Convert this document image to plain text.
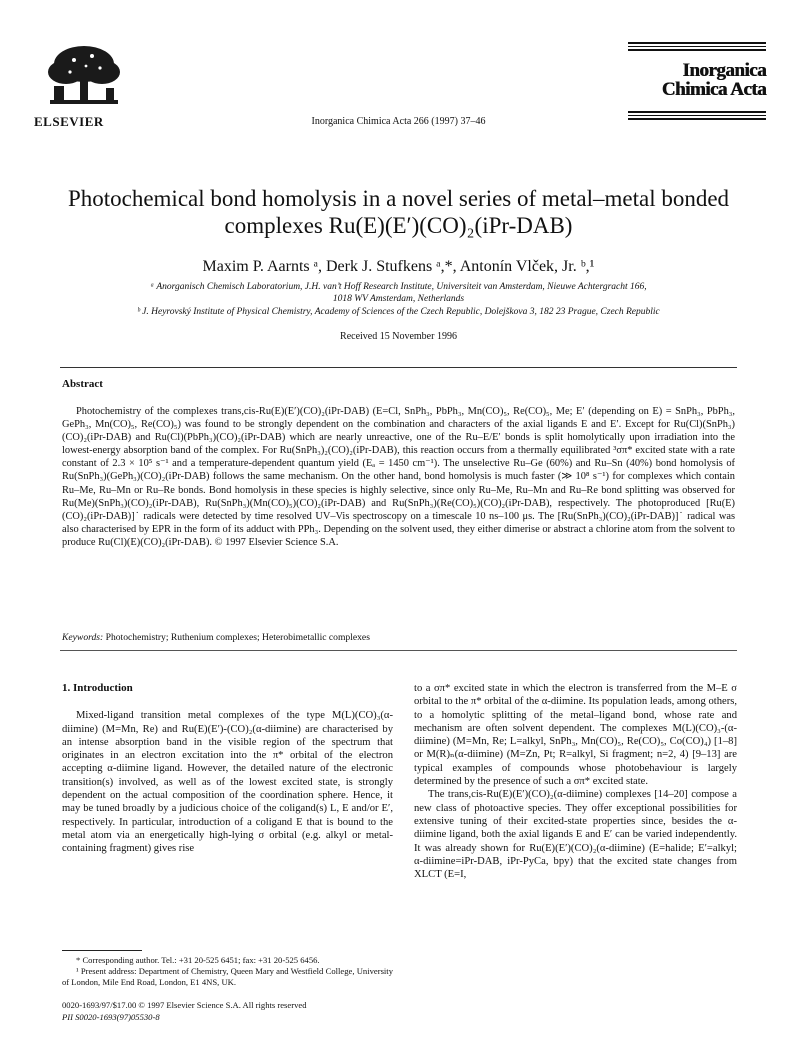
ELSEVIER	Inorganica Chimica Acta 266 (1997) 37–46
Inorganica
Chimica Acta
Photochemical bond homolysis in a novel series of metal–metal bonded
complexes Ru(E)(E′)(CO)₂(iPr-DAB)
Maxim P. Aarnts ᵃ, Derk J. Stufkens ᵃ,*, Antonín Vlček, Jr. ᵇ,¹
ᵃ Anorganisch Chemisch Laboratorium, J.H. van’t Hoff Research Institute, Universiteit van Amsterdam, Nieuwe Achtergracht 166,
1018 WV Amsterdam, Netherlands
ᵇ J. Heyrovský Institute of Physical Chemistry, Academy of Sciences of the Czech Republic, Dolejškova 3, 182 23 Prague, Czech Republic
Received 15 November 1996
Abstract
Photochemistry of the complexes trans,cis-Ru(E)(E′)(CO)₂(iPr-DAB) (E=Cl, SnPh₃, PbPh₃, Mn(CO)₅, Re(CO)₅, Me; E′ (depending on E) = SnPh₃, PbPh₃, GePh₃, Mn(CO)₅, Re(CO)₅) was found to be strongly dependent on the combination and characters of the axial ligands E and E′. Except for Ru(Cl)(SnPh₃)(CO)₂(iPr-DAB) and Ru(Cl)(PbPh₃)(CO)₂(iPr-DAB) which are nearly unreactive, one of the Ru–E/E′ bonds is split homolytically upon irradiation into the lowest-energy absorption band of the complex. For Ru(SnPh₃)₂(CO)₂(iPr-DAB), this reaction occurs from a thermally equilibrated ³σπ* excited state with a rate constant of 2.3 × 10⁵ s⁻¹ and a temperature-dependent quantum yield (Eₐ = 1450 cm⁻¹). The unselective Ru–Ge (60%) and Ru–Sn (40%) bond homolysis of Ru(SnPh₃)(GePh₃)(CO)₂(iPr-DAB) follows the same mechanism. On the other hand, bond homolysis is much faster (≫ 10⁸ s⁻¹) for complexes which contain Ru–Me, Ru–Mn or Ru–Re bonds. Bond homolysis in these species is highly selective, since only Ru–Me, Ru–Mn and Ru–Re bond splitting was observed for Ru(Me)(SnPh₃)(CO)₂(iPr-DAB), Ru(SnPh₃)(Mn(CO)₅)(CO)₂(iPr-DAB) and Ru(SnPh₃)(Re(CO)₅)(CO)₂(iPr-DAB), respectively. The photoproduced [Ru(E)(CO)₂(iPr-DAB)]˙ radicals were detected by time resolved UV–Vis spectroscopy on a timescale 10 ns–100 μs. The [Ru(SnPh₃)(CO)₂(iPr-DAB)]˙ radical was also characterised by EPR in the form of its adduct with PPh₃. Depending on the solvent used, they either dimerise or abstract a chlorine atom from the solvent to produce Ru(Cl)(E)(CO)₂(iPr-DAB). © 1997 Elsevier Science S.A.
Keywords: Photochemistry; Ruthenium complexes; Heterobimetallic complexes
1. Introduction

Mixed-ligand transition metal complexes of the type M(L)(CO)₃(α-diimine) (M=Mn, Re) and Ru(E)(E′)-(CO)₂(α-diimine) are characterised by an intense absorption band in the visible region of the spectrum that originates in an electron excitation into the π* orbital of the electron accepting α-diimine ligand. However, the detailed nature of the electronic transition(s) involved, as well as of the lowest excited state, is strongly dependent on the actual composition of the coordination sphere. Hence, it may be tuned broadly by a judicious choice of the coligand(s) L, E and/or E′, respectively. In particular, introduction of a coligand E that is bound to the metal atom via an energetically high-lying σ orbital (e.g. alkyl or metal-containing fragment) gives rise

to a σπ* excited state in which the electron is transferred from the M–E σ orbital to the π* orbital of the α-diimine. Its population leads, among others, to a homolytic splitting of the metal–ligand bond, whose rate and mechanism are often solvent dependent. The complexes M(L)(CO)₃-(α-diimine) (M=Mn, Re; L=alkyl, SnPh₃, Mn(CO)₅, Re(CO)₅, Co(CO)₄) [1–8] or M(R)ₙ(α-diimine) (M=Zn, Pt; R=alkyl, Si fragment; n=2, 4) [9–13] are typical examples of compounds whose photobehaviour is largely determined by the presence of such a σπ* excited state.

The trans,cis-Ru(E)(E′)(CO)₂(α-diimine) complexes [14–20] compose a new class of photoactive species. They offer exceptional possibilities for extensive tuning of their excited-state properties since, besides the α-diimine ligand, both the axial ligands E and E′ can be varied independently. It was already shown for Ru(E)(E′)(CO)₂(α-diimine) (E=halide; E′=alkyl; α-diimine=iPr-DAB, iPr-PyCa, bpy) that the excited state changes from XLCT (E=I,

* Corresponding author. Tel.: +31 20-525 6451; fax: +31 20-525 6456.
¹ Present address: Department of Chemistry, Queen Mary and Westfield College, University of London, Mile End Road, London, E1 4NS, UK.
0020-1693/97/$17.00 © 1997 Elsevier Science S.A. All rights reserved
PII S0020-1693(97)05530-8
